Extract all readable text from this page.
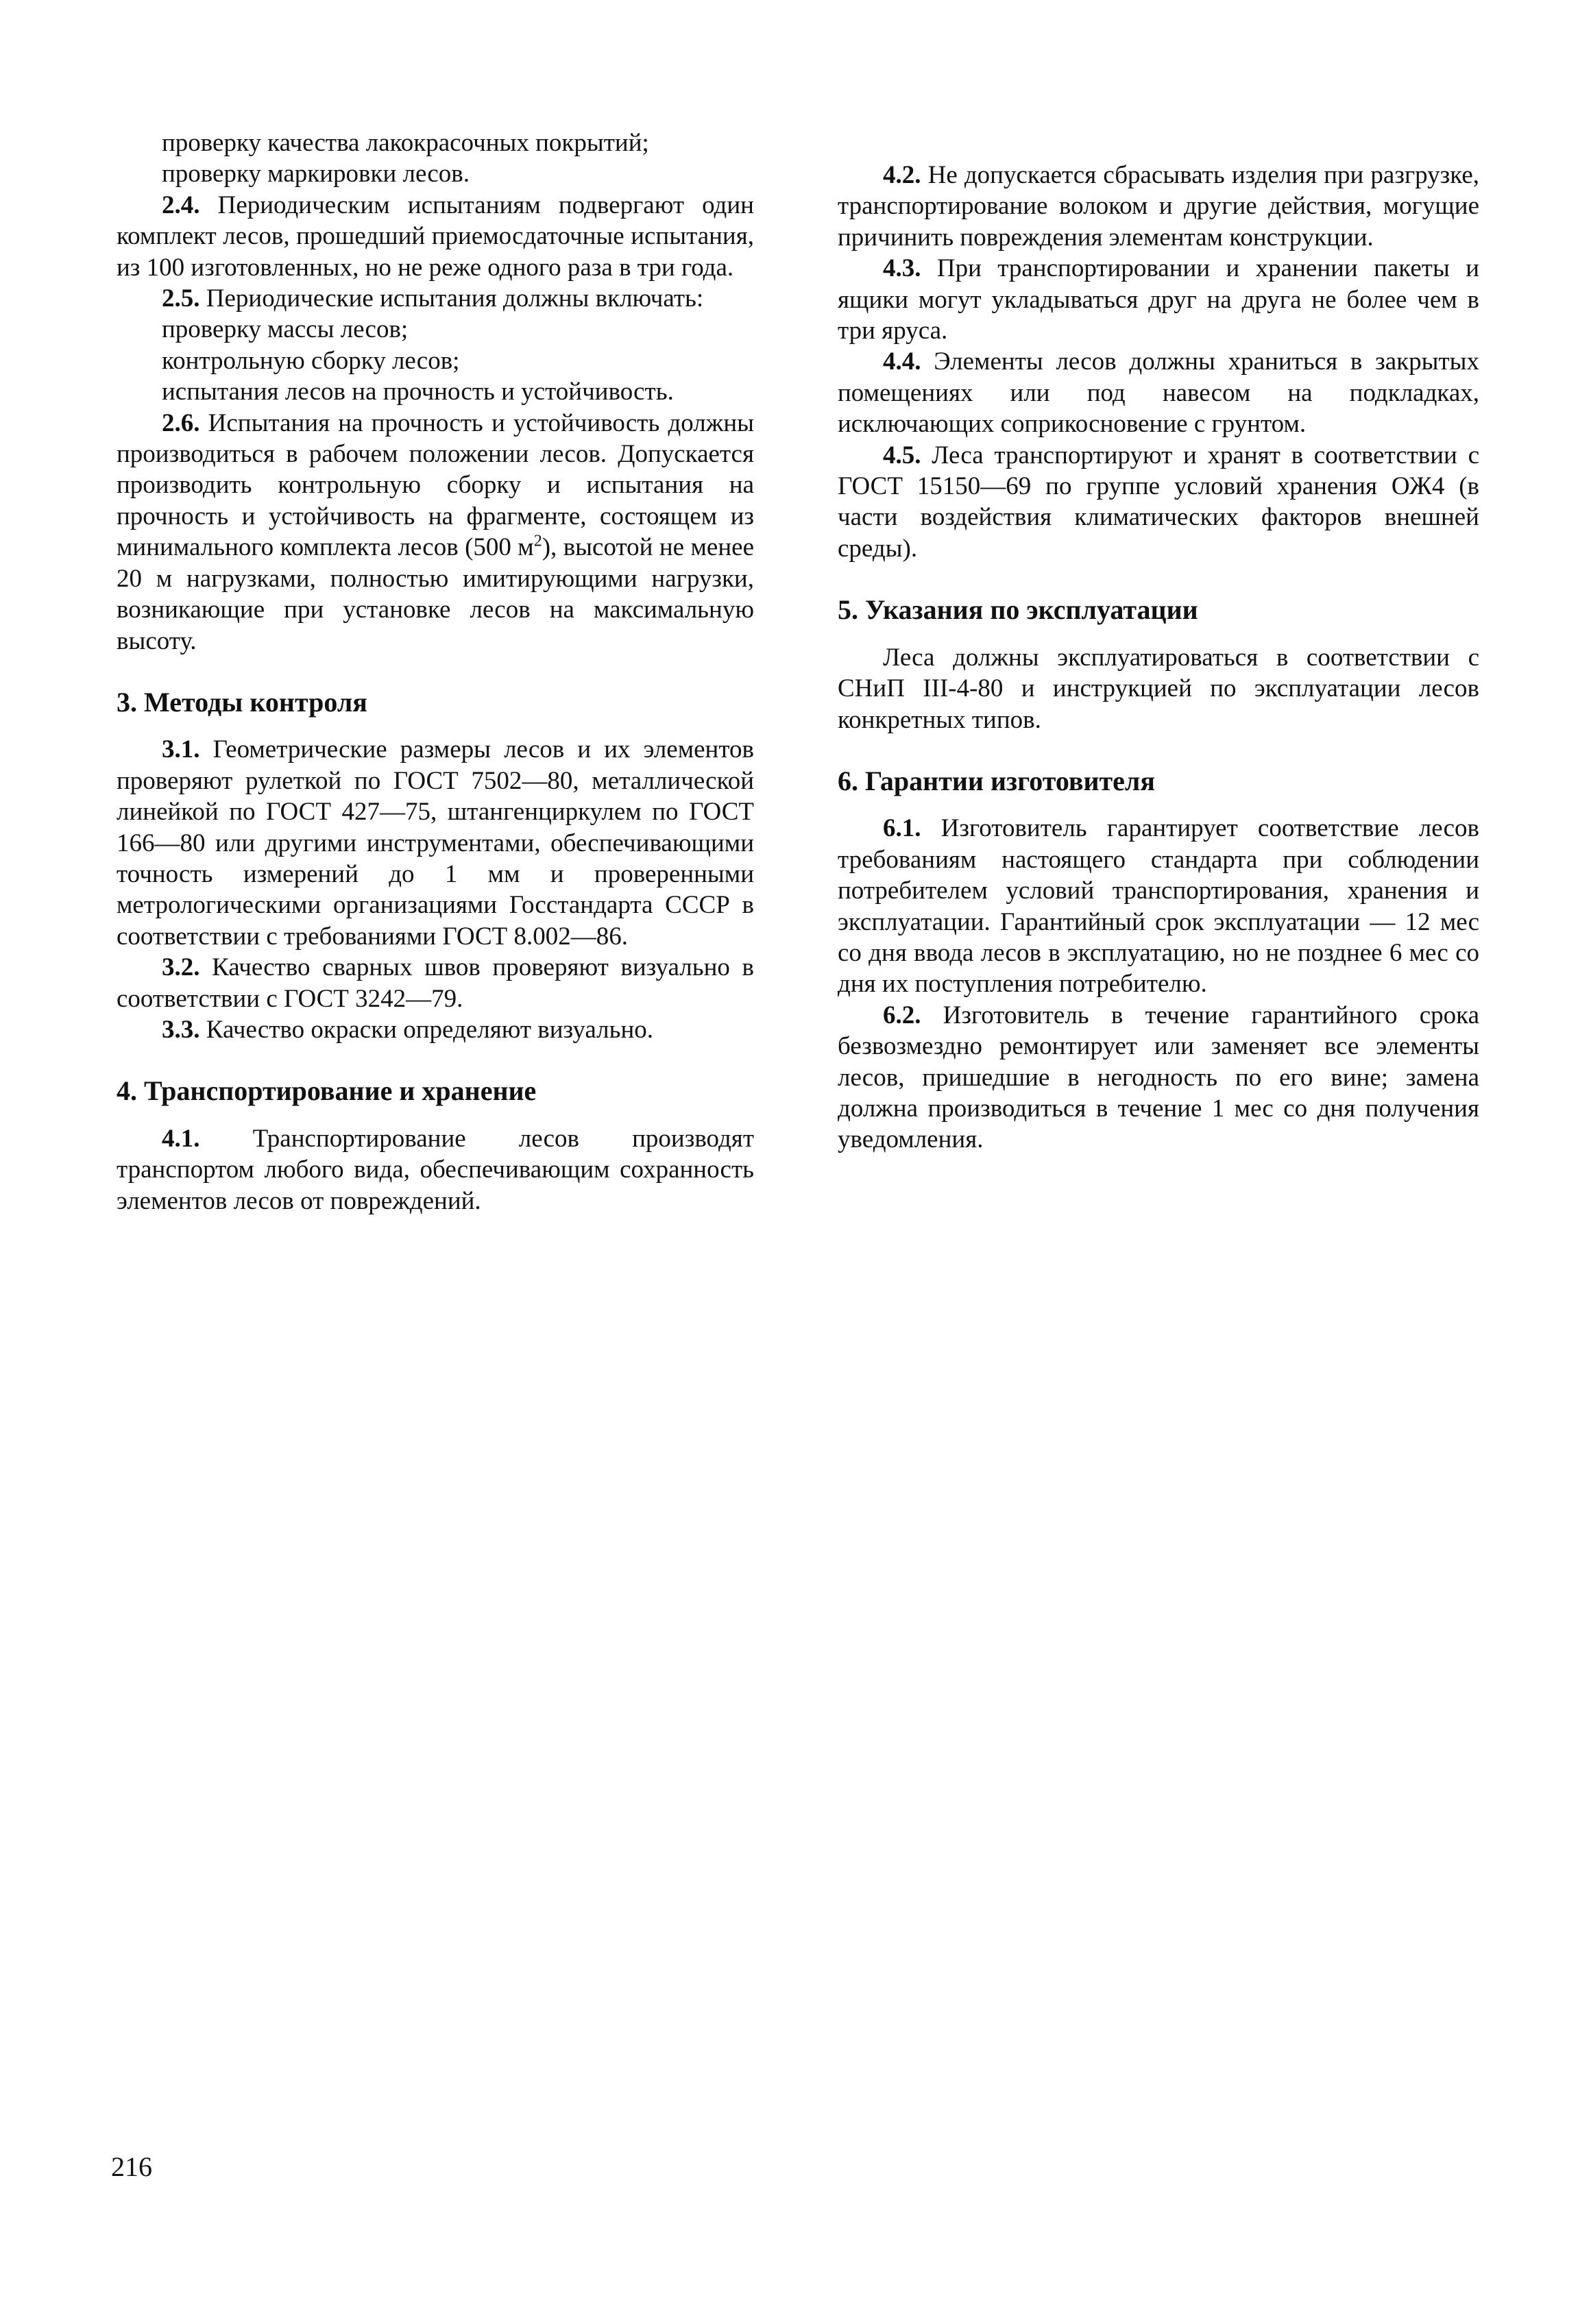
проверку качества лакокрасочных покрытий;

проверку маркировки лесов.

2.4. Периодическим испытаниям подвергают один комплект лесов, прошедший приемосдаточные испытания, из 100 изготовленных, но не реже одного раза в три года.

2.5. Периодические испытания должны включать:

проверку массы лесов;

контрольную сборку лесов;

испытания лесов на прочность и устойчивость.

2.6. Испытания на прочность и устойчивость должны производиться в рабочем положении лесов. Допускается производить контрольную сборку и испытания на прочность и устойчивость на фрагменте, состоящем из минимального комплекта лесов (500 $м^2$), высотой не менее 20 м нагрузками, полностью имитирующими нагрузки, возникающие при установке лесов на максимальную высоту.

3. Методы контроля

3.1. Геометрические размеры лесов и их элементов проверяют рулеткой по ГОСТ 7502—80, металлической линейкой по ГОСТ 427—75, штангенциркулем по ГОСТ 166—80 или другими инструментами, обеспечивающими точность измерений до 1 мм и проверенными метрологическими организациями Госстандарта СССР в соответствии с требованиями ГОСТ 8.002—86.

3.2. Качество сварных швов проверяют визуально в соответствии с ГОСТ 3242—79.

3.3. Качество окраски определяют визуально.

4. Транспортирование и хранение

4.1. Транспортирование лесов производят транспортом любого вида, обеспечивающим сохранность элементов лесов от повреждений.

4.2. Не допускается сбрасывать изделия при разгрузке, транспортирование волоком и другие действия, могущие причинить повреждения элементам конструкции.

4.3. При транспортировании и хранении пакеты и ящики могут укладываться друг на друга не более чем в три яруса.

4.4. Элементы лесов должны храниться в закрытых помещениях или под навесом на подкладках, исключающих соприкосновение с грунтом.

4.5. Леса транспортируют и хранят в соответствии с ГОСТ 15150—69 по группе условий хранения ОЖ4 (в части воздействия климатических факторов внешней среды).

5. Указания по эксплуатации

Леса должны эксплуатироваться в соответствии с СНиП III-4-80 и инструкцией по эксплуатации лесов конкретных типов.

6. Гарантии изготовителя

6.1. Изготовитель гарантирует соответствие лесов требованиям настоящего стандарта при соблюдении потребителем условий транспортирования, хранения и эксплуатации. Гарантийный срок эксплуатации — 12 мес со дня ввода лесов в эксплуатацию, но не позднее 6 мес со дня их поступления потребителю.

6.2. Изготовитель в течение гарантийного срока безвозмездно ремонтирует или заменяет все элементы лесов, пришедшие в негодность по его вине; замена должна производиться в течение 1 мес со дня получения уведомления.

216
